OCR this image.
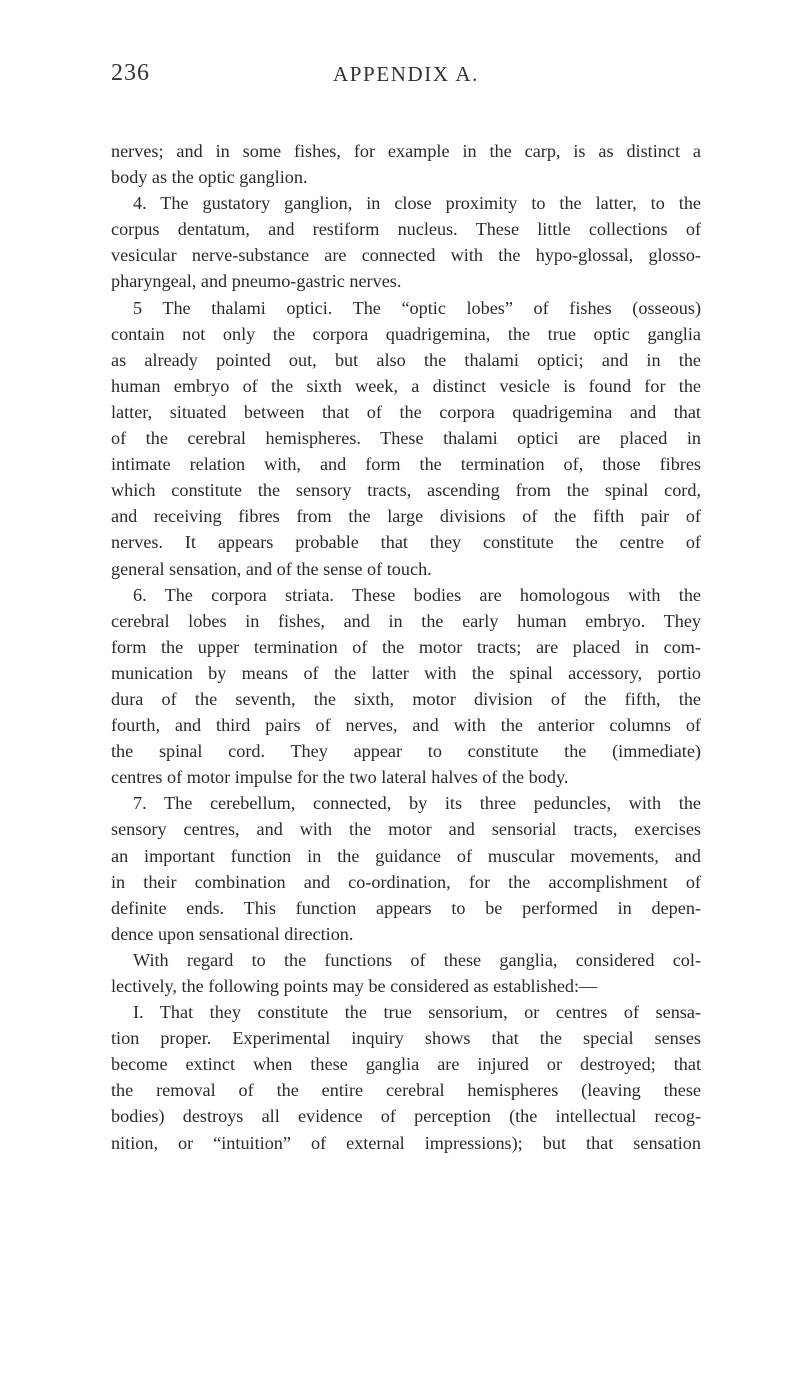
236	APPENDIX A.
nerves; and in some fishes, for example in the carp, is as distinct a
body as the optic ganglion.
4. The gustatory ganglion, in close proximity to the latter, to the
corpus dentatum, and restiform nucleus. These little collections of
vesicular nerve-substance are connected with the hypo-glossal, glosso-
pharyngeal, and pneumo-gastric nerves.
5 The thalami optici. The “optic lobes” of fishes (osseous)
contain not only the corpora quadrigemina, the true optic ganglia
as already pointed out, but also the thalami optici; and in the
human embryo of the sixth week, a distinct vesicle is found for the
latter, situated between that of the corpora quadrigemina and that
of the cerebral hemispheres. These thalami optici are placed in
intimate relation with, and form the termination of, those fibres
which constitute the sensory tracts, ascending from the spinal cord,
and receiving fibres from the large divisions of the fifth pair of
nerves. It appears probable that they constitute the centre of
general sensation, and of the sense of touch.
6. The corpora striata. These bodies are homologous with the
cerebral lobes in fishes, and in the early human embryo. They
form the upper termination of the motor tracts; are placed in com-
munication by means of the latter with the spinal accessory, portio
dura of the seventh, the sixth, motor division of the fifth, the
fourth, and third pairs of nerves, and with the anterior columns of
the spinal cord. They appear to constitute the (immediate)
centres of motor impulse for the two lateral halves of the body.
7. The cerebellum, connected, by its three peduncles, with the
sensory centres, and with the motor and sensorial tracts, exercises
an important function in the guidance of muscular movements, and
in their combination and co-ordination, for the accomplishment of
definite ends. This function appears to be performed in depen-
dence upon sensational direction.
With regard to the functions of these ganglia, considered col-
lectively, the following points may be considered as established:—
I. That they constitute the true sensorium, or centres of sensa-
tion proper. Experimental inquiry shows that the special senses
become extinct when these ganglia are injured or destroyed; that
the removal of the entire cerebral hemispheres (leaving these
bodies) destroys all evidence of perception (the intellectual recog-
nition, or “intuition” of external impressions); but that sensation
